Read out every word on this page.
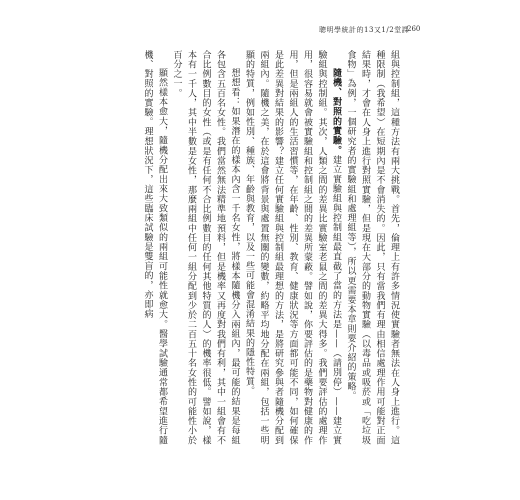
聰明學統計的13又1/2堂課
260

組與控制組，這種方法有兩大挑戰。首先，倫理上有許多情況使實驗者無法在人身上進行。這種限制（我希望）在短期內是不會消失的。因此，只有當我們有理由相信處理作用可能對正面結果時，才會在人身上進行對照實驗，但是現在大部分的動物實驗（以毒品或吸菸或「吃垃圾食物」為例，一個研究者的實驗組和處理組等），所以更需要本章則要介紹的策略。

隨機、對照的實驗。建立實驗組與控制組最直截了當的方法是——（請別停）——建立實驗組與控制組。其次，人類之間的差異比實驗室老鼠之間的差異大得多。我們要評估的處理作用，很容易就會被實驗組和控制組之間的差異所蒙蔽。譬如說，你要評估的是藥物對健康的作用，但是兩組人的生活習慣等，在年齡、性別、教育、健康狀況等方面都可能不同，如何確保是此差異對結果的影響？建立任何實驗組與控制組最理想的方法，是將研究參與者隨機分配到兩組內。隨機之美，在於這會將背景與處置無關的變數，約略平均地分配在兩組，包括一些明顯的特質，例如性別、種族、年齡與教育，以及一些可能會混淆結果的隱性特質。

想想看：如果潛在的樣本內含一千名女性，將樣本隨機分入兩組內，最可能的結果是每組各包含五百名女性。我們當然無法精準地預料，但是機率又再度對我們有利，其中一組會有不合比例數目的女性（或是有任何不合比例數目的任何其他特質的人）的機率很低。譬如說，樣本有一千人，其中半數是女性，那麼兩組中任何一組分配到少於二百五十名女性的可能性小於百分之一。

顯然樣本愈大，隨機分配出來大致類似的兩組可能性就愈大。醫學試驗通常都希望進行隨機、對照的實驗。理想狀況下，這些臨床試驗是雙盲的，亦即病
